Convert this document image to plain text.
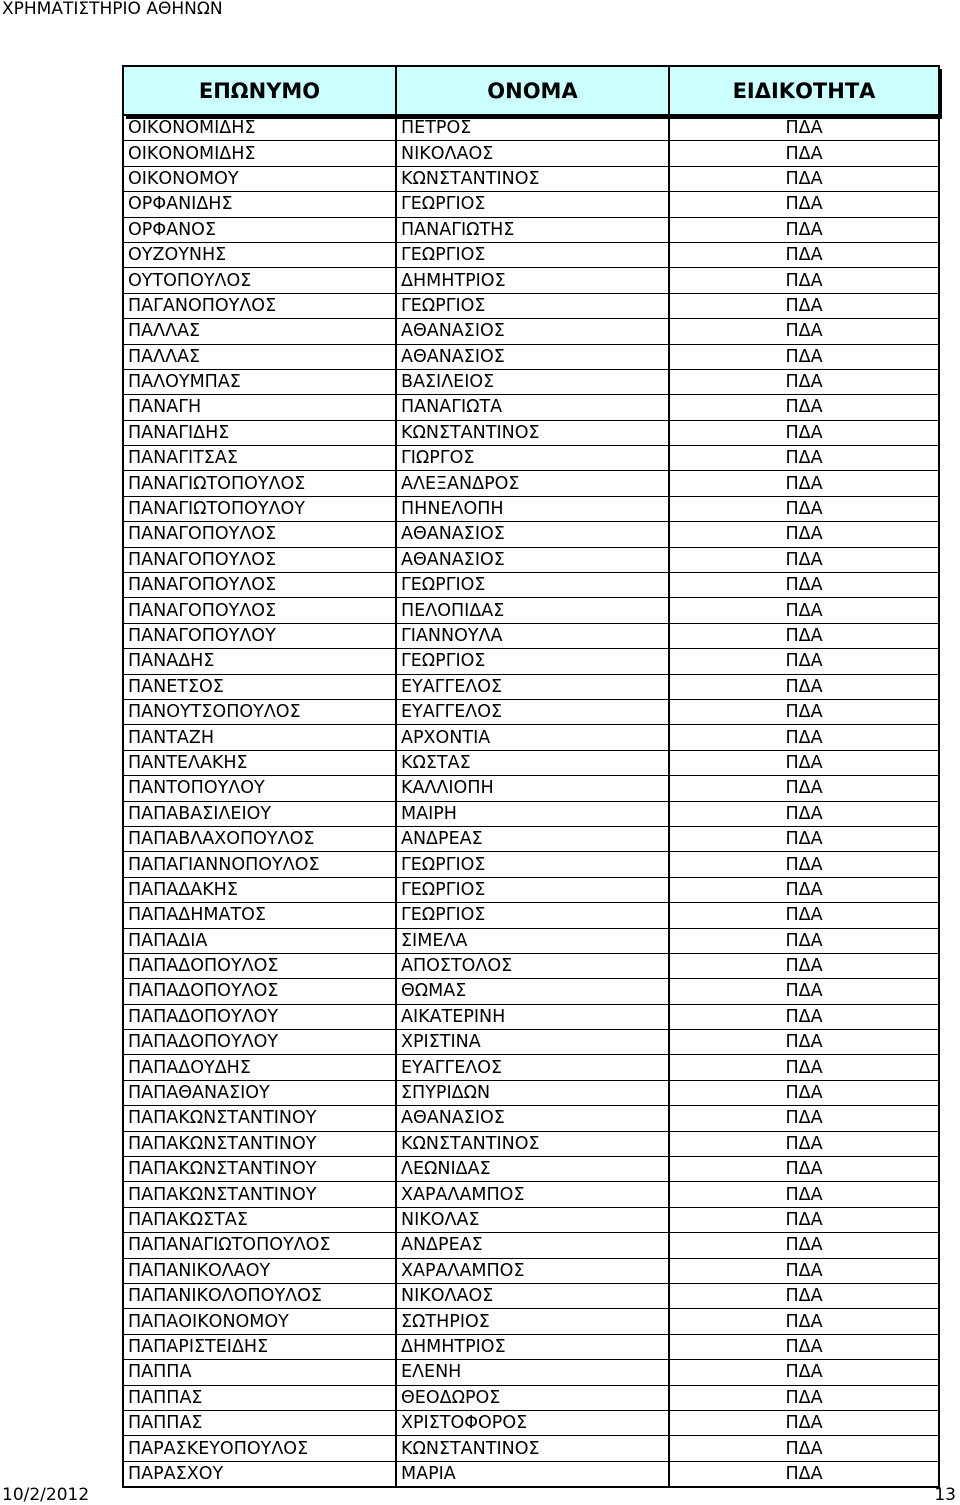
ΧΡΗΜΑΤΙΣΤΗΡΙΟ ΑΘΗΝΩΝ
ΕΠΩΝΥΜΟ	ΟΝΟΜΑ	ΕΙΔΙΚΟΤΗΤΑ
ΟΙΚΟΝΟΜΙΔΗΣ	ΠΕΤΡΟΣ	ΠΔΑ
ΟΙΚΟΝΟΜΙΔΗΣ	ΝΙΚΟΛΑΟΣ	ΠΔΑ
ΟΙΚΟΝΟΜΟΥ	ΚΩΝΣΤΑΝΤΙΝΟΣ	ΠΔΑ
ΟΡΦΑΝΙΔΗΣ	ΓΕΩΡΓΙΟΣ	ΠΔΑ
ΟΡΦΑΝΟΣ	ΠΑΝΑΓΙΩΤΗΣ	ΠΔΑ
ΟΥΖΟΥΝΗΣ	ΓΕΩΡΓΙΟΣ	ΠΔΑ
ΟΥΤΟΠΟΥΛΟΣ	ΔΗΜΗΤΡΙΟΣ	ΠΔΑ
ΠΑΓΑΝΟΠΟΥΛΟΣ	ΓΕΩΡΓΙΟΣ	ΠΔΑ
ΠΑΛΛΑΣ	ΑΘΑΝΑΣΙΟΣ	ΠΔΑ
ΠΑΛΛΑΣ	ΑΘΑΝΑΣΙΟΣ	ΠΔΑ
ΠΑΛΟΥΜΠΑΣ	ΒΑΣΙΛΕΙΟΣ	ΠΔΑ
ΠΑΝΑΓΗ	ΠΑΝΑΓΙΩΤΑ	ΠΔΑ
ΠΑΝΑΓΙΔΗΣ	ΚΩΝΣΤΑΝΤΙΝΟΣ	ΠΔΑ
ΠΑΝΑΓΙΤΣΑΣ	ΓΙΩΡΓΟΣ	ΠΔΑ
ΠΑΝΑΓΙΩΤΟΠΟΥΛΟΣ	ΑΛΕΞΑΝΔΡΟΣ	ΠΔΑ
ΠΑΝΑΓΙΩΤΟΠΟΥΛΟΥ	ΠΗΝΕΛΟΠΗ	ΠΔΑ
ΠΑΝΑΓΟΠΟΥΛΟΣ	ΑΘΑΝΑΣΙΟΣ	ΠΔΑ
ΠΑΝΑΓΟΠΟΥΛΟΣ	ΑΘΑΝΑΣΙΟΣ	ΠΔΑ
ΠΑΝΑΓΟΠΟΥΛΟΣ	ΓΕΩΡΓΙΟΣ	ΠΔΑ
ΠΑΝΑΓΟΠΟΥΛΟΣ	ΠΕΛΟΠΙΔΑΣ	ΠΔΑ
ΠΑΝΑΓΟΠΟΥΛΟΥ	ΓΙΑΝΝΟΥΛΑ	ΠΔΑ
ΠΑΝΑΔΗΣ	ΓΕΩΡΓΙΟΣ	ΠΔΑ
ΠΑΝΕΤΣΟΣ	ΕΥΑΓΓΕΛΟΣ	ΠΔΑ
ΠΑΝΟΥΤΣΟΠΟΥΛΟΣ	ΕΥΑΓΓΕΛΟΣ	ΠΔΑ
ΠΑΝΤΑΖΗ	ΑΡΧΟΝΤΙΑ	ΠΔΑ
ΠΑΝΤΕΛΑΚΗΣ	ΚΩΣΤΑΣ	ΠΔΑ
ΠΑΝΤΟΠΟΥΛΟΥ	ΚΑΛΛΙΟΠΗ	ΠΔΑ
ΠΑΠΑΒΑΣΙΛΕΙΟΥ	ΜΑΙΡΗ	ΠΔΑ
ΠΑΠΑΒΛΑΧΟΠΟΥΛΟΣ	ΑΝΔΡΕΑΣ	ΠΔΑ
ΠΑΠΑΓΙΑΝΝΟΠΟΥΛΟΣ	ΓΕΩΡΓΙΟΣ	ΠΔΑ
ΠΑΠΑΔΑΚΗΣ	ΓΕΩΡΓΙΟΣ	ΠΔΑ
ΠΑΠΑΔΗΜΑΤΟΣ	ΓΕΩΡΓΙΟΣ	ΠΔΑ
ΠΑΠΑΔΙΑ	ΣΙΜΕΛΑ	ΠΔΑ
ΠΑΠΑΔΟΠΟΥΛΟΣ	ΑΠΟΣΤΟΛΟΣ	ΠΔΑ
ΠΑΠΑΔΟΠΟΥΛΟΣ	ΘΩΜΑΣ	ΠΔΑ
ΠΑΠΑΔΟΠΟΥΛΟΥ	ΑΙΚΑΤΕΡΙΝΗ	ΠΔΑ
ΠΑΠΑΔΟΠΟΥΛΟΥ	ΧΡΙΣΤΙΝΑ	ΠΔΑ
ΠΑΠΑΔΟΥΔΗΣ	ΕΥΑΓΓΕΛΟΣ	ΠΔΑ
ΠΑΠΑΘΑΝΑΣΙΟΥ	ΣΠΥΡΙΔΩΝ	ΠΔΑ
ΠΑΠΑΚΩΝΣΤΑΝΤΙΝΟΥ	ΑΘΑΝΑΣΙΟΣ	ΠΔΑ
ΠΑΠΑΚΩΝΣΤΑΝΤΙΝΟΥ	ΚΩΝΣΤΑΝΤΙΝΟΣ	ΠΔΑ
ΠΑΠΑΚΩΝΣΤΑΝΤΙΝΟΥ	ΛΕΩΝΙΔΑΣ	ΠΔΑ
ΠΑΠΑΚΩΝΣΤΑΝΤΙΝΟΥ	ΧΑΡΑΛΑΜΠΟΣ	ΠΔΑ
ΠΑΠΑΚΩΣΤΑΣ	ΝΙΚΟΛΑΣ	ΠΔΑ
ΠΑΠΑΝΑΓΙΩΤΟΠΟΥΛΟΣ	ΑΝΔΡΕΑΣ	ΠΔΑ
ΠΑΠΑΝΙΚΟΛΑΟΥ	ΧΑΡΑΛΑΜΠΟΣ	ΠΔΑ
ΠΑΠΑΝΙΚΟΛΟΠΟΥΛΟΣ	ΝΙΚΟΛΑΟΣ	ΠΔΑ
ΠΑΠΑΟΙΚΟΝΟΜΟΥ	ΣΩΤΗΡΙΟΣ	ΠΔΑ
ΠΑΠΑΡΙΣΤΕΙΔΗΣ	ΔΗΜΗΤΡΙΟΣ	ΠΔΑ
ΠΑΠΠΑ	ΕΛΕΝΗ	ΠΔΑ
ΠΑΠΠΑΣ	ΘΕΟΔΩΡΟΣ	ΠΔΑ
ΠΑΠΠΑΣ	ΧΡΙΣΤΟΦΟΡΟΣ	ΠΔΑ
ΠΑΡΑΣΚΕΥΟΠΟΥΛΟΣ	ΚΩΝΣΤΑΝΤΙΝΟΣ	ΠΔΑ
ΠΑΡΑΣΧΟΥ	ΜΑΡΙΑ	ΠΔΑ
10/2/2012	13
